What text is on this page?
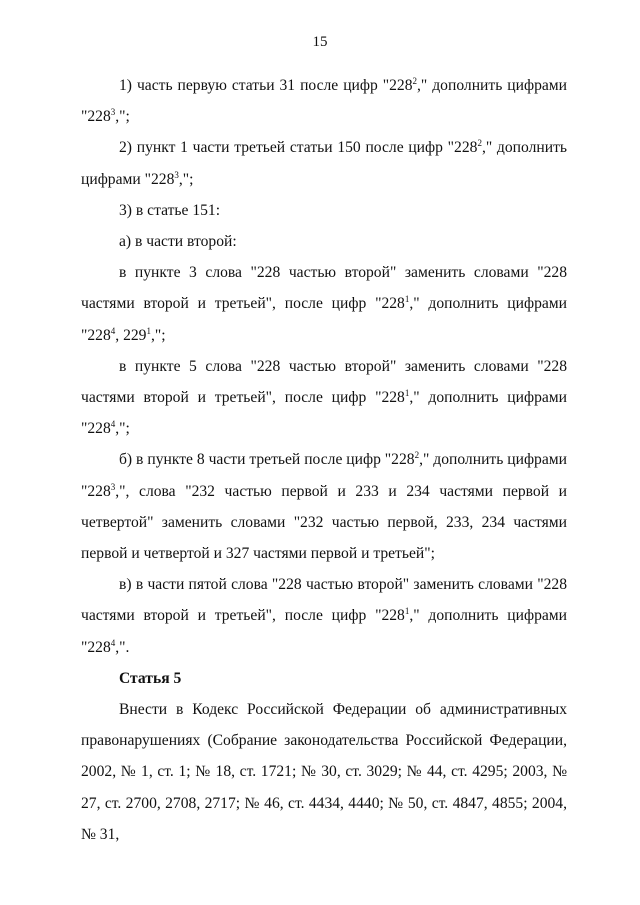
15

1) часть первую статьи 31 после цифр "$228^2$," дополнить цифрами "$228^3$,";

2) пункт 1 части третьей статьи 150 после цифр "$228^2$," дополнить цифрами "$228^3$,";

3) в статье 151:

а) в части второй:

в пункте 3 слова "228 частью второй" заменить словами "228 частями второй и третьей", после цифр "$228^1$," дополнить цифрами "$228^4$, $229^1$,";

в пункте 5 слова "228 частью второй" заменить словами "228 частями второй и третьей", после цифр "$228^1$," дополнить цифрами "$228^4$,";

б) в пункте 8 части третьей после цифр "$228^2$," дополнить цифрами "$228^3$,", слова "232 частью первой и 233 и 234 частями первой и четвертой" заменить словами "232 частью первой, 233, 234 частями первой и четвертой и 327 частями первой и третьей";

в) в части пятой слова "228 частью второй" заменить словами "228 частями второй и третьей", после цифр "$228^1$," дополнить цифрами "$228^4$,".

Статья 5

Внести в Кодекс Российской Федерации об административных правонарушениях (Собрание законодательства Российской Федерации, 2002, № 1, ст. 1; № 18, ст. 1721; № 30, ст. 3029; № 44, ст. 4295; 2003, № 27, ст. 2700, 2708, 2717; № 46, ст. 4434, 4440; № 50, ст. 4847, 4855; 2004, № 31,
